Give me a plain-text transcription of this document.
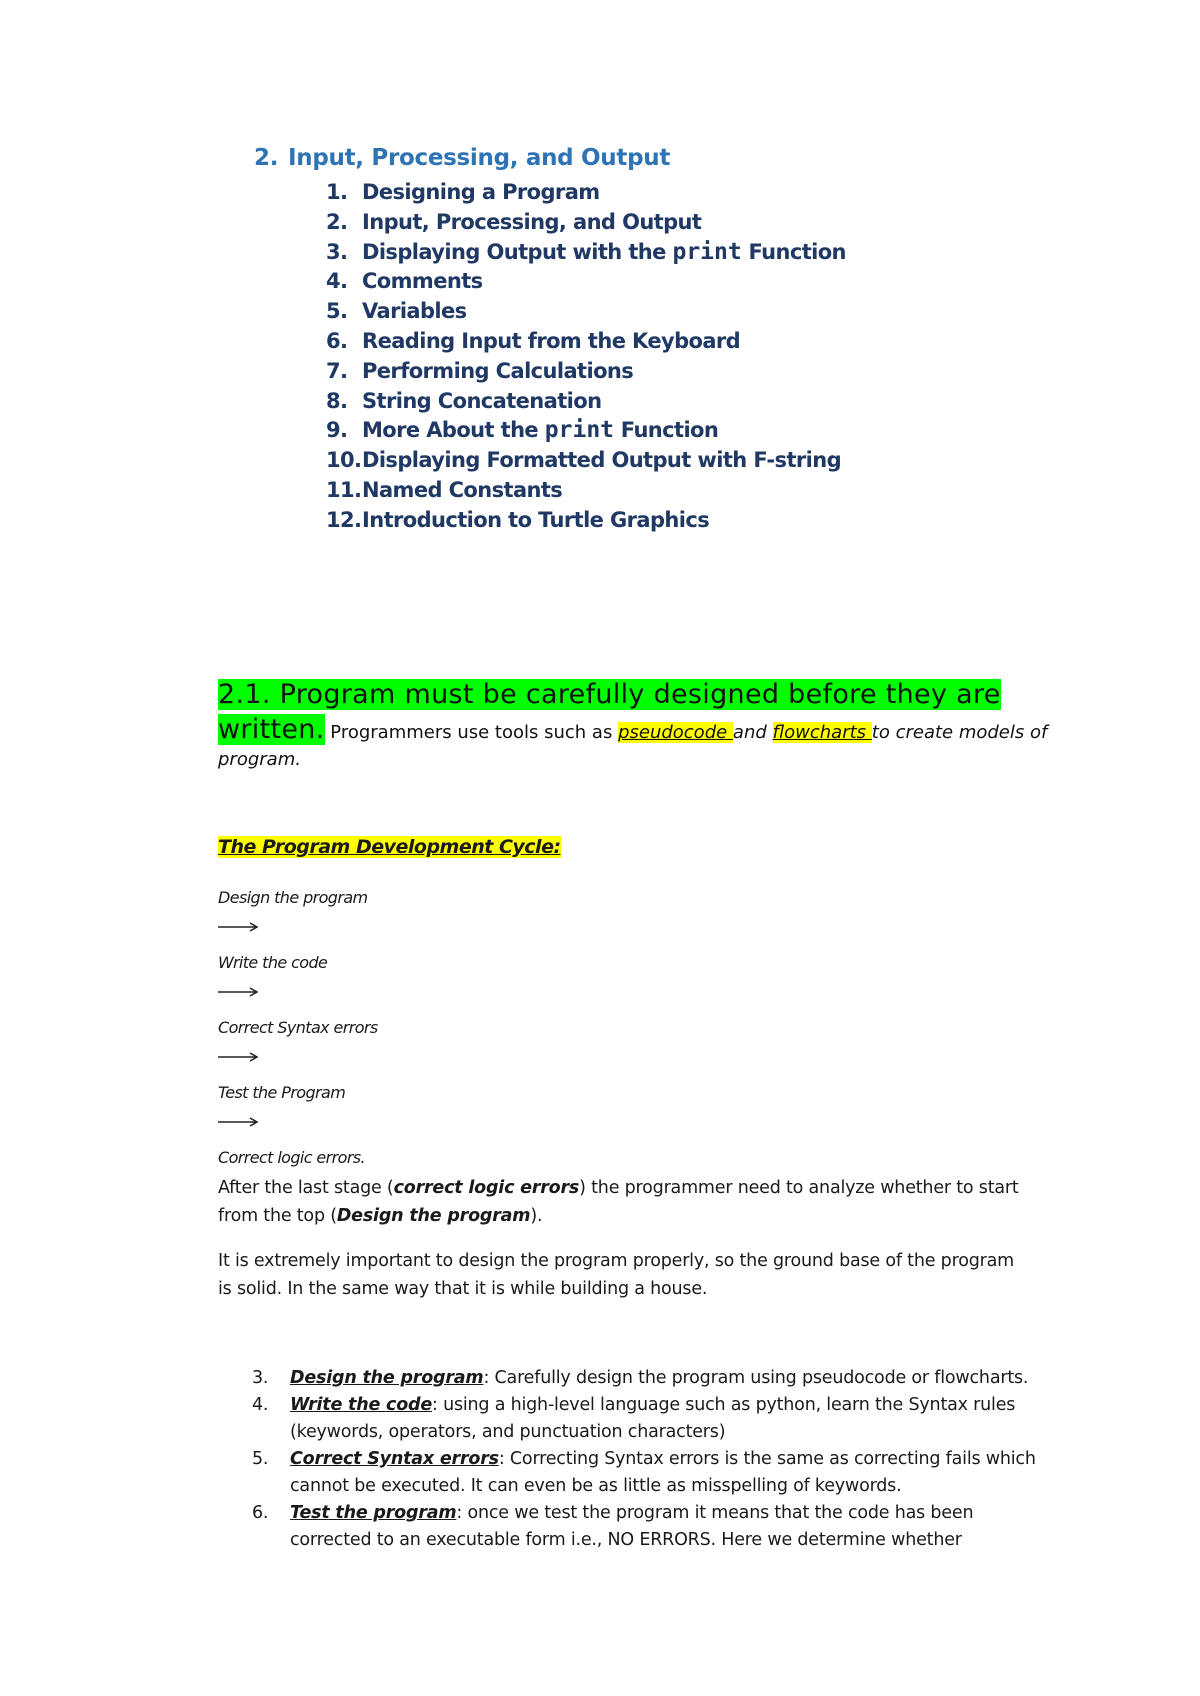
2. Input, Processing, and Output
1. Designing a Program
2. Input, Processing, and Output
3. Displaying Output with the print Function
4. Comments
5. Variables
6. Reading Input from the Keyboard
7. Performing Calculations
8. String Concatenation
9. More About the print Function
10.Displaying Formatted Output with F-string
11.Named Constants
12.Introduction to Turtle Graphics
2.1. Program must be carefully designed before they are
written. Programmers use tools such as pseudocode and flowcharts to create models of
program.
The Program Development Cycle:
Design the program
Write the code
Correct Syntax errors
Test the Program
Correct logic errors.
After the last stage (correct logic errors) the programmer need to analyze whether to start
from the top (Design the program).
It is extremely important to design the program properly, so the ground base of the program
is solid. In the same way that it is while building a house.
3. Design the program: Carefully design the program using pseudocode or flowcharts.
4. Write the code: using a high-level language such as python, learn the Syntax rules
(keywords, operators, and punctuation characters)
5. Correct Syntax errors: Correcting Syntax errors is the same as correcting fails which
cannot be executed. It can even be as little as misspelling of keywords.
6. Test the program: once we test the program it means that the code has been
corrected to an executable form i.e., NO ERRORS. Here we determine whether
